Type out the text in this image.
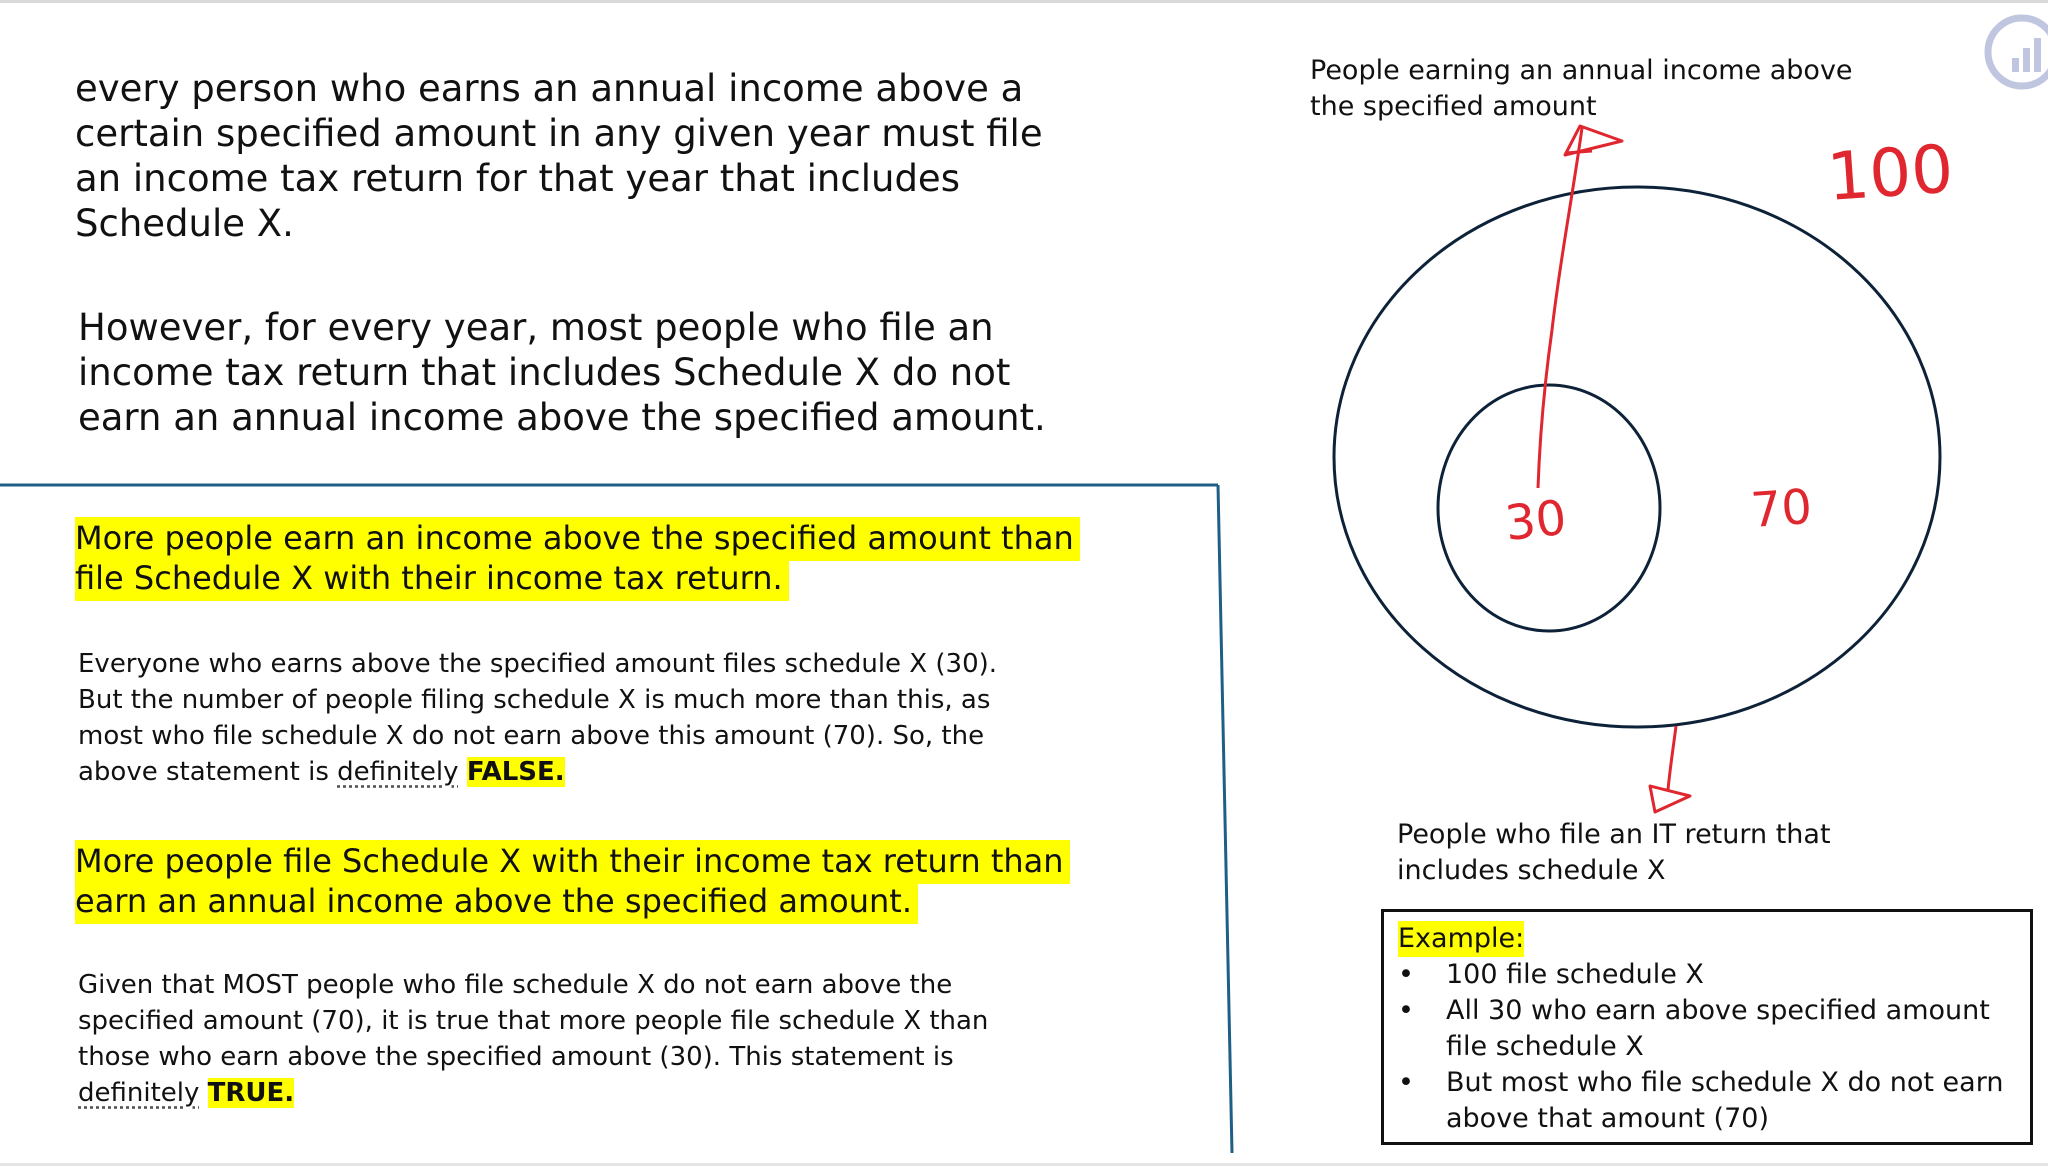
every person who earns an annual income above a certain specified amount in any given year must file an income tax return for that year that includes Schedule X.

However, for every year, most people who file an income tax return that includes Schedule X do not earn an annual income above the specified amount.

More people earn an income above the specified amount than file Schedule X with their income tax return.

Everyone who earns above the specified amount files schedule X (30). But the number of people filing schedule X is much more than this, as most who file schedule X do not earn above this amount (70). So, the above statement is definitely FALSE.

More people file Schedule X with their income tax return than earn an annual income above the specified amount.

Given that MOST people who file schedule X do not earn above the specified amount (70), it is true that more people file schedule X than those who earn above the specified amount (30). This statement is definitely TRUE.

People earning an annual income above the specified amount

People who file an IT return that includes schedule X

100
30	70
Example:
• 100 file schedule X
• All 30 who earn above specified amount file schedule X
• But most who file schedule X do not earn above that amount (70)
